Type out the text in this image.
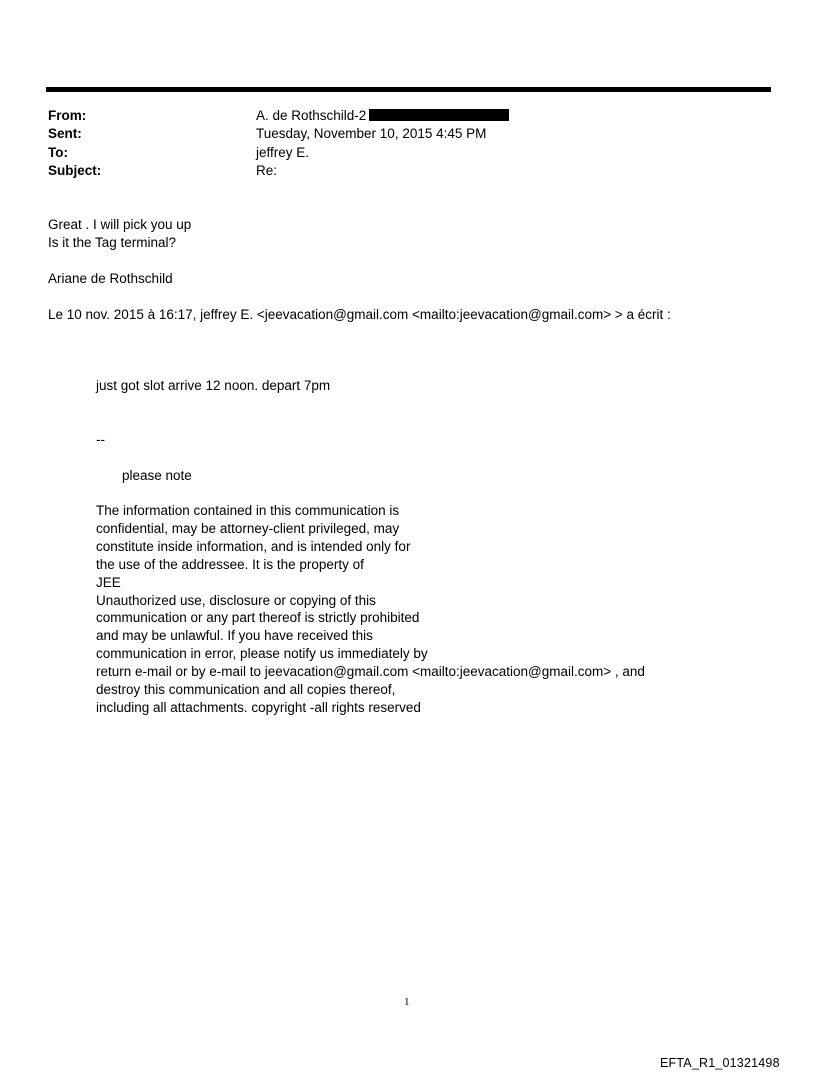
From:	A. de Rothschild-2
Sent:	Tuesday, November 10, 2015 4:45 PM
To:	jeffrey E.
Subject:	Re:
Great . I will pick you up
Is it the Tag terminal?
Ariane de Rothschild
Le 10 nov. 2015 à 16:17, jeffrey E. <jeevacation@gmail.com <mailto:jeevacation@gmail.com> > a écrit :
just got slot arrive 12 noon. depart 7pm
--
please note
The information contained in this communication is
confidential, may be attorney-client privileged, may
constitute inside information, and is intended only for
the use of the addressee. It is the property of
JEE
Unauthorized use, disclosure or copying of this
communication or any part thereof is strictly prohibited
and may be unlawful. If you have received this
communication in error, please notify us immediately by
return e-mail or by e-mail to jeevacation@gmail.com <mailto:jeevacation@gmail.com> , and
destroy this communication and all copies thereof,
including all attachments. copyright -all rights reserved
1
EFTA_R1_01321498
